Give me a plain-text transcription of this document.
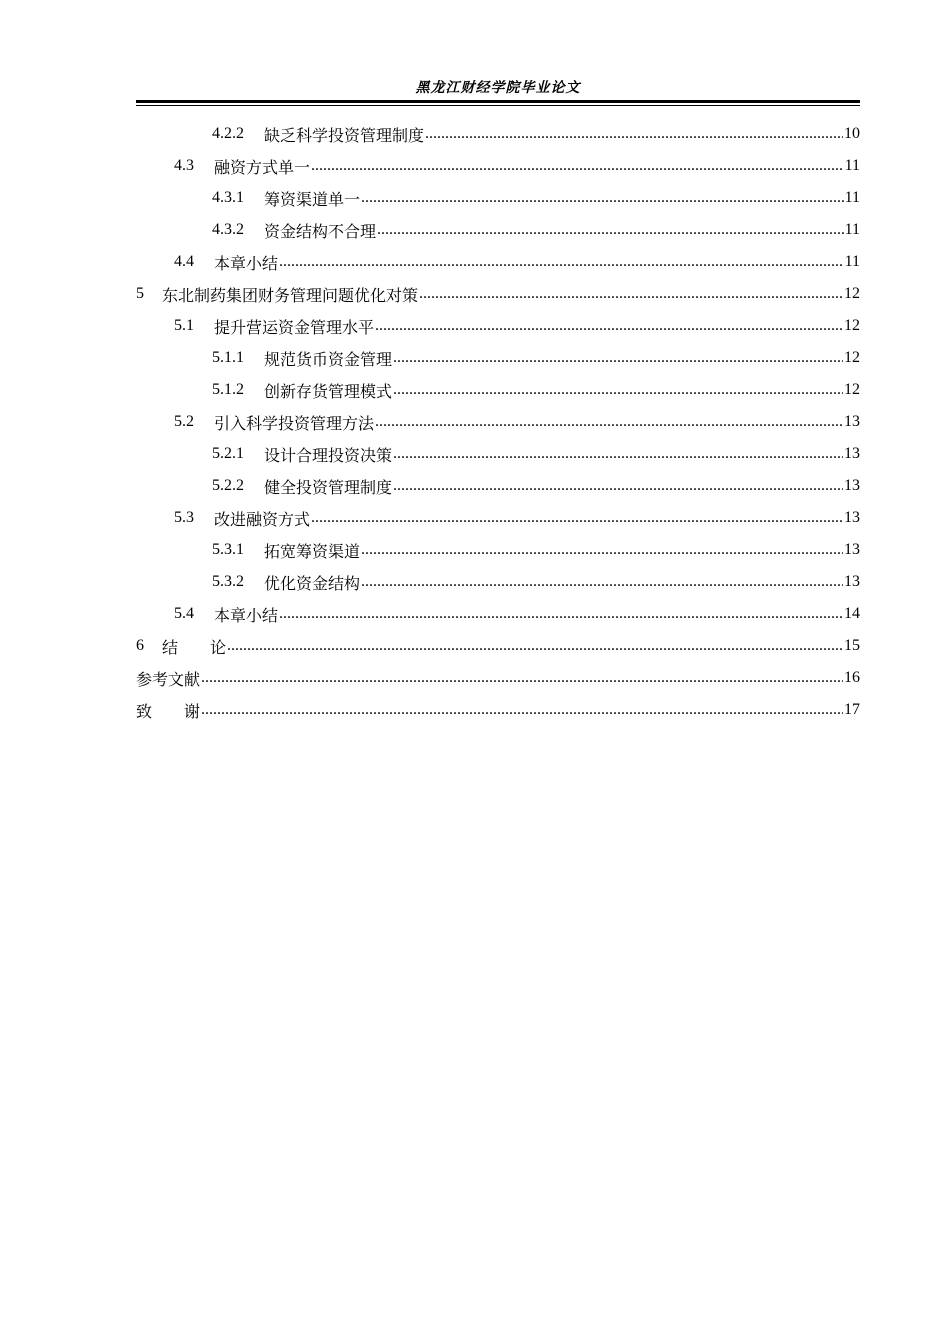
黑龙江财经学院毕业论文
4.2.2 缺乏科学投资管理制度 .....	10
4.3 融资方式单一 .....	11
4.3.1 筹资渠道单一 .....	11
4.3.2 资金结构不合理 .....	11
4.4 本章小结 .....	11
5 东北制药集团财务管理问题优化对策 .....	12
5.1 提升营运资金管理水平 .....	12
5.1.1 规范货币资金管理 .....	12
5.1.2 创新存货管理模式 .....	12
5.2 引入科学投资管理方法 .....	13
5.2.1 设计合理投资决策 .....	13
5.2.2 健全投资管理制度 .....	13
5.3 改进融资方式 .....	13
5.3.1 拓宽筹资渠道 .....	13
5.3.2 优化资金结构 .....	13
5.4 本章小结 .....	14
6 结　　论 .....	15
参考文献 .....	16
致　　谢 .....	17
